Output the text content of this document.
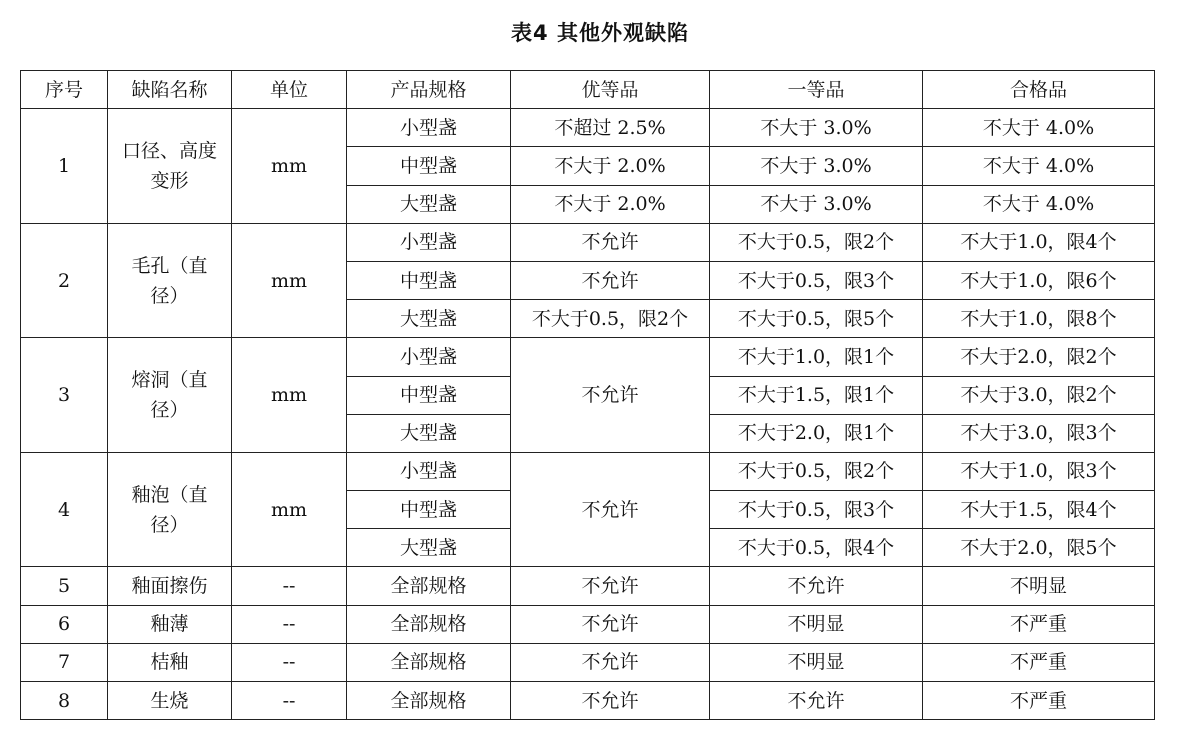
表4 其他外观缺陷
序号	缺陷名称	单位	产品规格	优等品	一等品	合格品
1	口径、高度变形	mm	小型盏	不超过 2.5%	不大于 3.0%	不大于 4.0%
			中型盏	不大于 2.0%	不大于 3.0%	不大于 4.0%
			大型盏	不大于 2.0%	不大于 3.0%	不大于 4.0%
2	毛孔（直径）	mm	小型盏	不允许	不大于0.5，限2个	不大于1.0，限4个
			中型盏	不允许	不大于0.5，限3个	不大于1.0，限6个
			大型盏	不大于0.5，限2个	不大于0.5，限5个	不大于1.0，限8个
3	熔洞（直径）	mm	小型盏	不允许	不大于1.0，限1个	不大于2.0，限2个
			中型盏		不大于1.5，限1个	不大于3.0，限2个
			大型盏		不大于2.0，限1个	不大于3.0，限3个
4	釉泡（直径）	mm	小型盏	不允许	不大于0.5，限2个	不大于1.0，限3个
			中型盏		不大于0.5，限3个	不大于1.5，限4个
			大型盏		不大于0.5，限4个	不大于2.0，限5个
5	釉面擦伤	--	全部规格	不允许	不允许	不明显
6	釉薄	--	全部规格	不允许	不明显	不严重
7	桔釉	--	全部规格	不允许	不明显	不严重
8	生烧	--	全部规格	不允许	不允许	不严重
